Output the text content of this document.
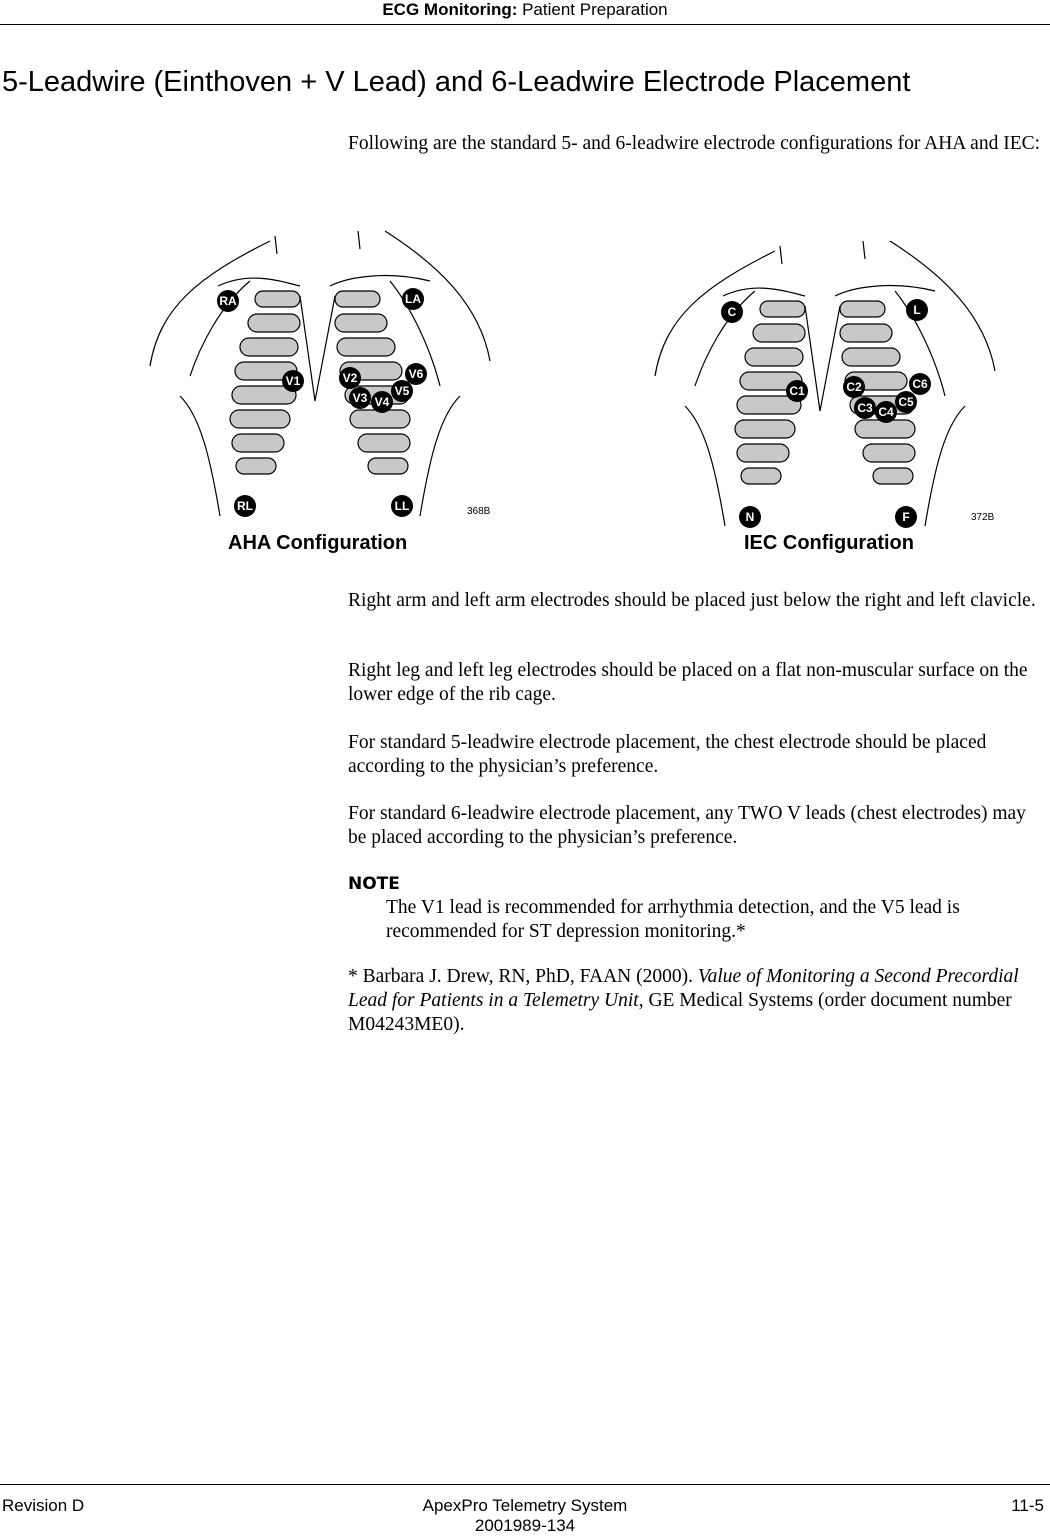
ECG Monitoring: Patient Preparation
5-Leadwire (Einthoven + V Lead) and 6-Leadwire Electrode Placement
Following are the standard 5- and 6-leadwire electrode configurations for AHA and IEC:
RA	LA
V1	V2
V3 V4
V5
V6
RL	LL
C	L
C1	C2
C3 C4
C5
C6
N	F
368B
372B
AHA Configuration	IEC Configuration
Right arm and left arm electrodes should be placed just below the right and left clavicle.
Right leg and left leg electrodes should be placed on a flat non-muscular surface on the lower edge of the rib cage.
For standard 5-leadwire electrode placement, the chest electrode should be placed according to the physician’s preference.
For standard 6-leadwire electrode placement, any TWO V leads (chest electrodes) may be placed according to the physician’s preference.
NOTE
The V1 lead is recommended for arrhythmia detection, and the V5 lead is recommended for ST depression monitoring.*
* Barbara J. Drew, RN, PhD, FAAN (2000). Value of Monitoring a Second Precordial Lead for Patients in a Telemetry Unit, GE Medical Systems (order document number M04243ME0).
Revision D	ApexPro Telemetry System
2001989-134
11-5
